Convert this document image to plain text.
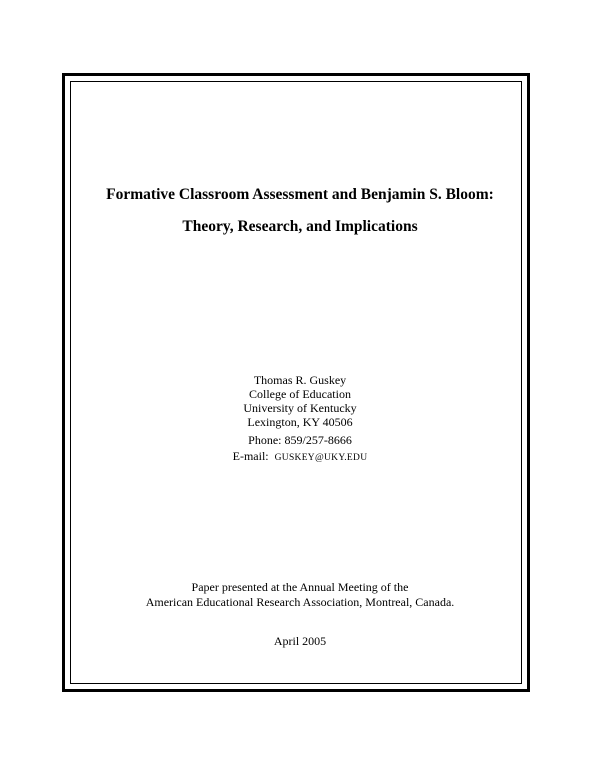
Formative Classroom Assessment and Benjamin S. Bloom:
Theory, Research, and Implications
Thomas R. Guskey
College of Education
University of Kentucky
Lexington, KY 40506
Phone: 859/257-8666
E-mail: GUSKEY@UKY.EDU
Paper presented at the Annual Meeting of the
American Educational Research Association, Montreal, Canada.
April 2005
